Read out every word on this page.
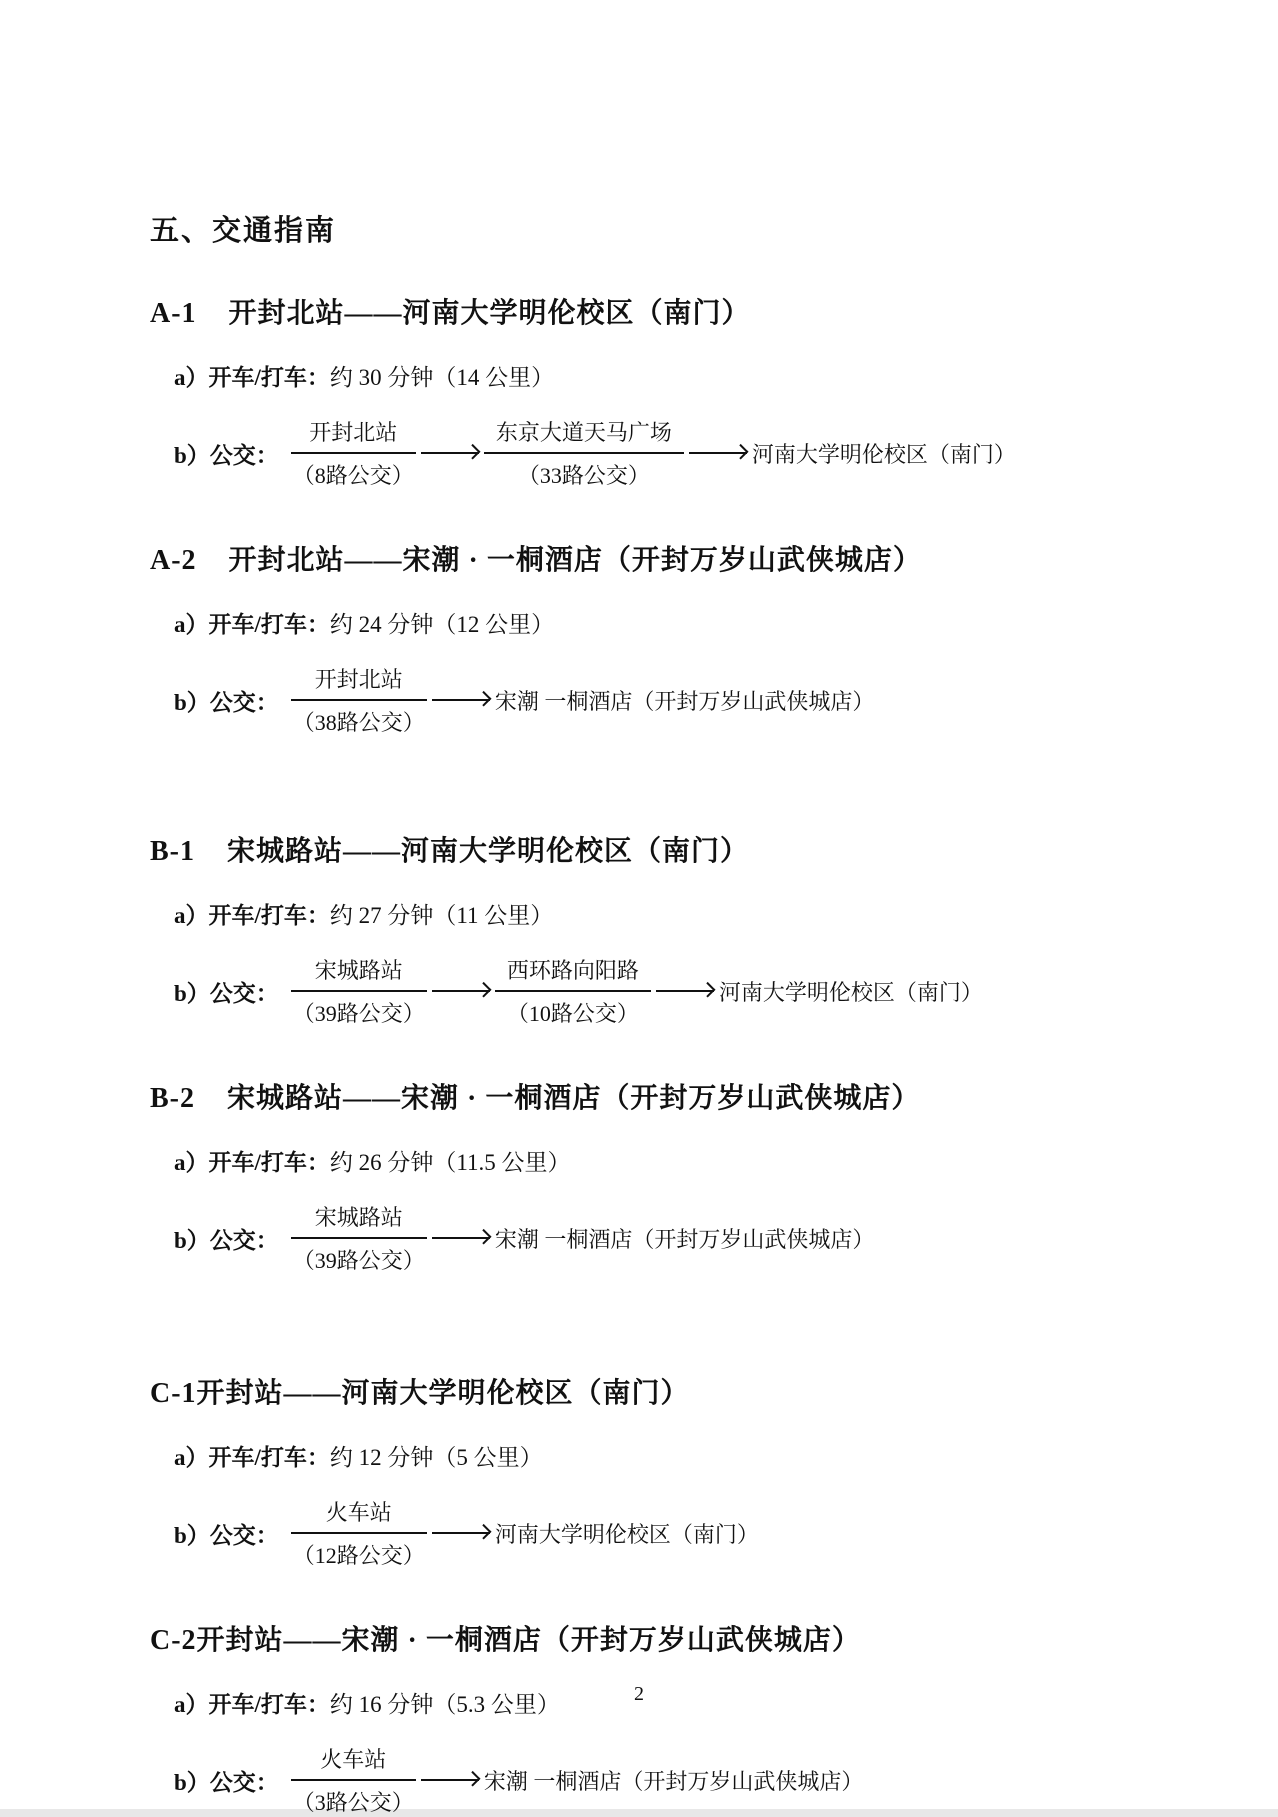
五、交通指南
A-1 开封北站——河南大学明伦校区（南门）
a）开车/打车：约 30 分钟（14 公里）
b）公交： $\frac{\text{开封北站}}{\text{（8路公交）}}$	$\frac{\text{东京大道天马广场}}{\text{（33路公交）}}$	河南大学明伦校区（南门）
A-2 开封北站——宋潮 · 一桐酒店（开封万岁山武侠城店）
a）开车/打车：约 24 分钟（12 公里）
b）公交： $\frac{\text{开封北站}}{\text{（38路公交）}}$	宋潮 一桐酒店（开封万岁山武侠城店）
B-1 宋城路站——河南大学明伦校区（南门）
a）开车/打车：约 27 分钟（11 公里）
b）公交： $\frac{\text{宋城路站}}{\text{（39路公交）}}$	$\frac{\text{西环路向阳路}}{\text{（10路公交）}}$	河南大学明伦校区（南门）
B-2 宋城路站——宋潮 · 一桐酒店（开封万岁山武侠城店）
a）开车/打车：约 26 分钟（11.5 公里）
b）公交： $\frac{\text{宋城路站}}{\text{（39路公交）}}$	宋潮 一桐酒店（开封万岁山武侠城店）
C-1开封站——河南大学明伦校区（南门）
a）开车/打车：约 12 分钟（5 公里）
b）公交： $\frac{\text{火车站}}{\text{（12路公交）}}$	河南大学明伦校区（南门）
C-2开封站——宋潮 · 一桐酒店（开封万岁山武侠城店）
a）开车/打车：约 16 分钟（5.3 公里）
b）公交： $\frac{\text{火车站}}{\text{（3路公交）}}$	宋潮 一桐酒店（开封万岁山武侠城店）
2
